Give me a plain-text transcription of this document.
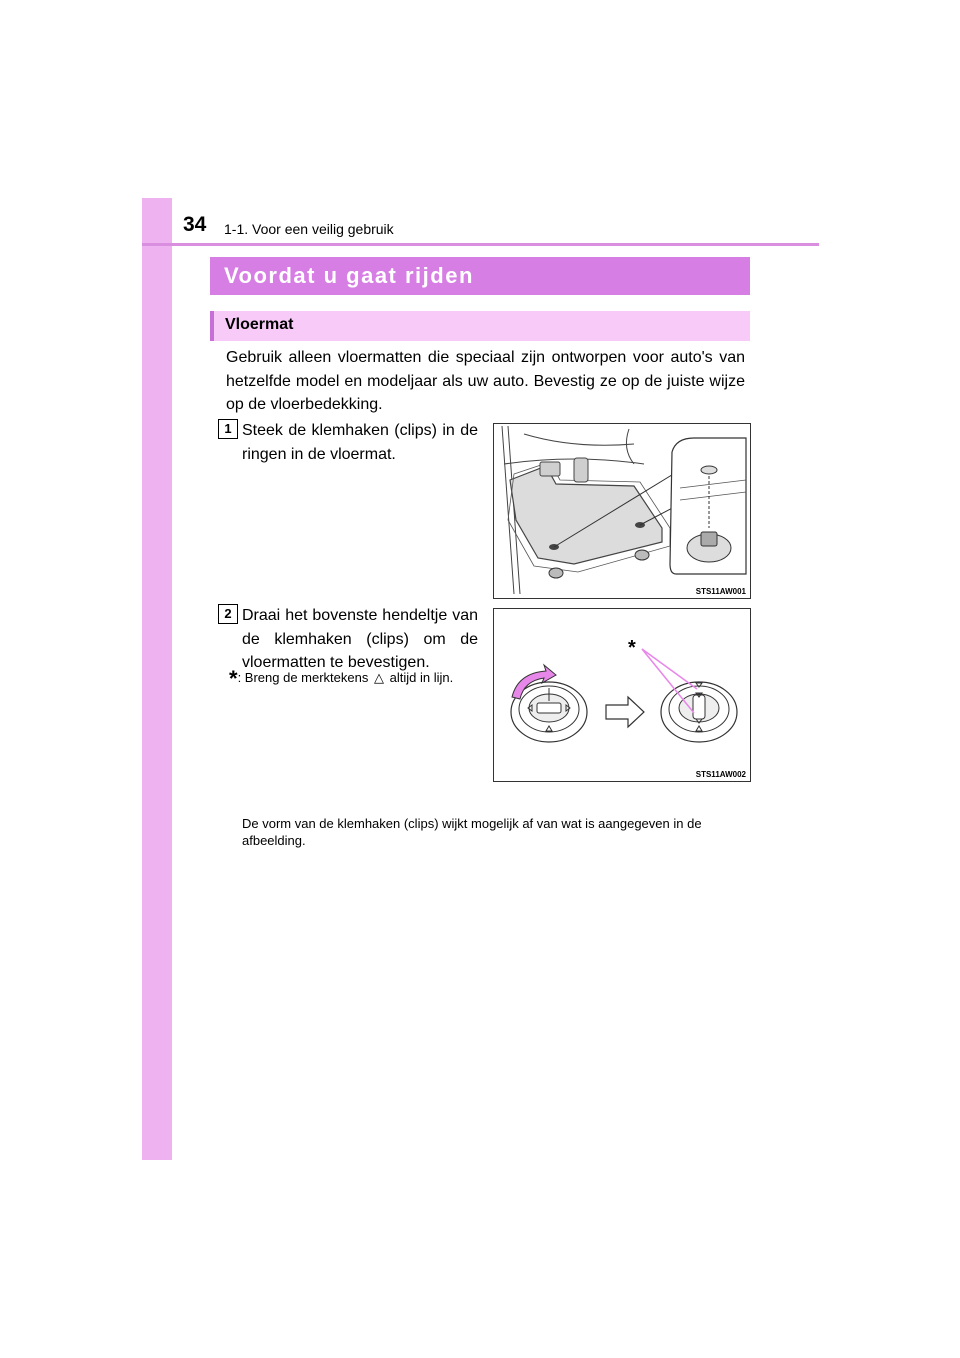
34 1-1. Voor een veilig gebruik
Voordat u gaat rijden
Vloermat

Gebruik alleen vloermatten die speciaal zijn ontworpen voor auto's van hetzelfde model en modeljaar als uw auto. Bevestig ze op de juiste wijze op de vloerbedekking.

1 Steek de klemhaken (clips) in de ringen in de vloermat.

STS11AW001
2 Draai het bovenste hendeltje van de klemhaken (clips) om de vloermatten te bevestigen.

*: Breng de merktekens △ altijd in lijn.
*
STS11AW002

De vorm van de klemhaken (clips) wijkt mogelijk af van wat is aangegeven in de afbeelding.
